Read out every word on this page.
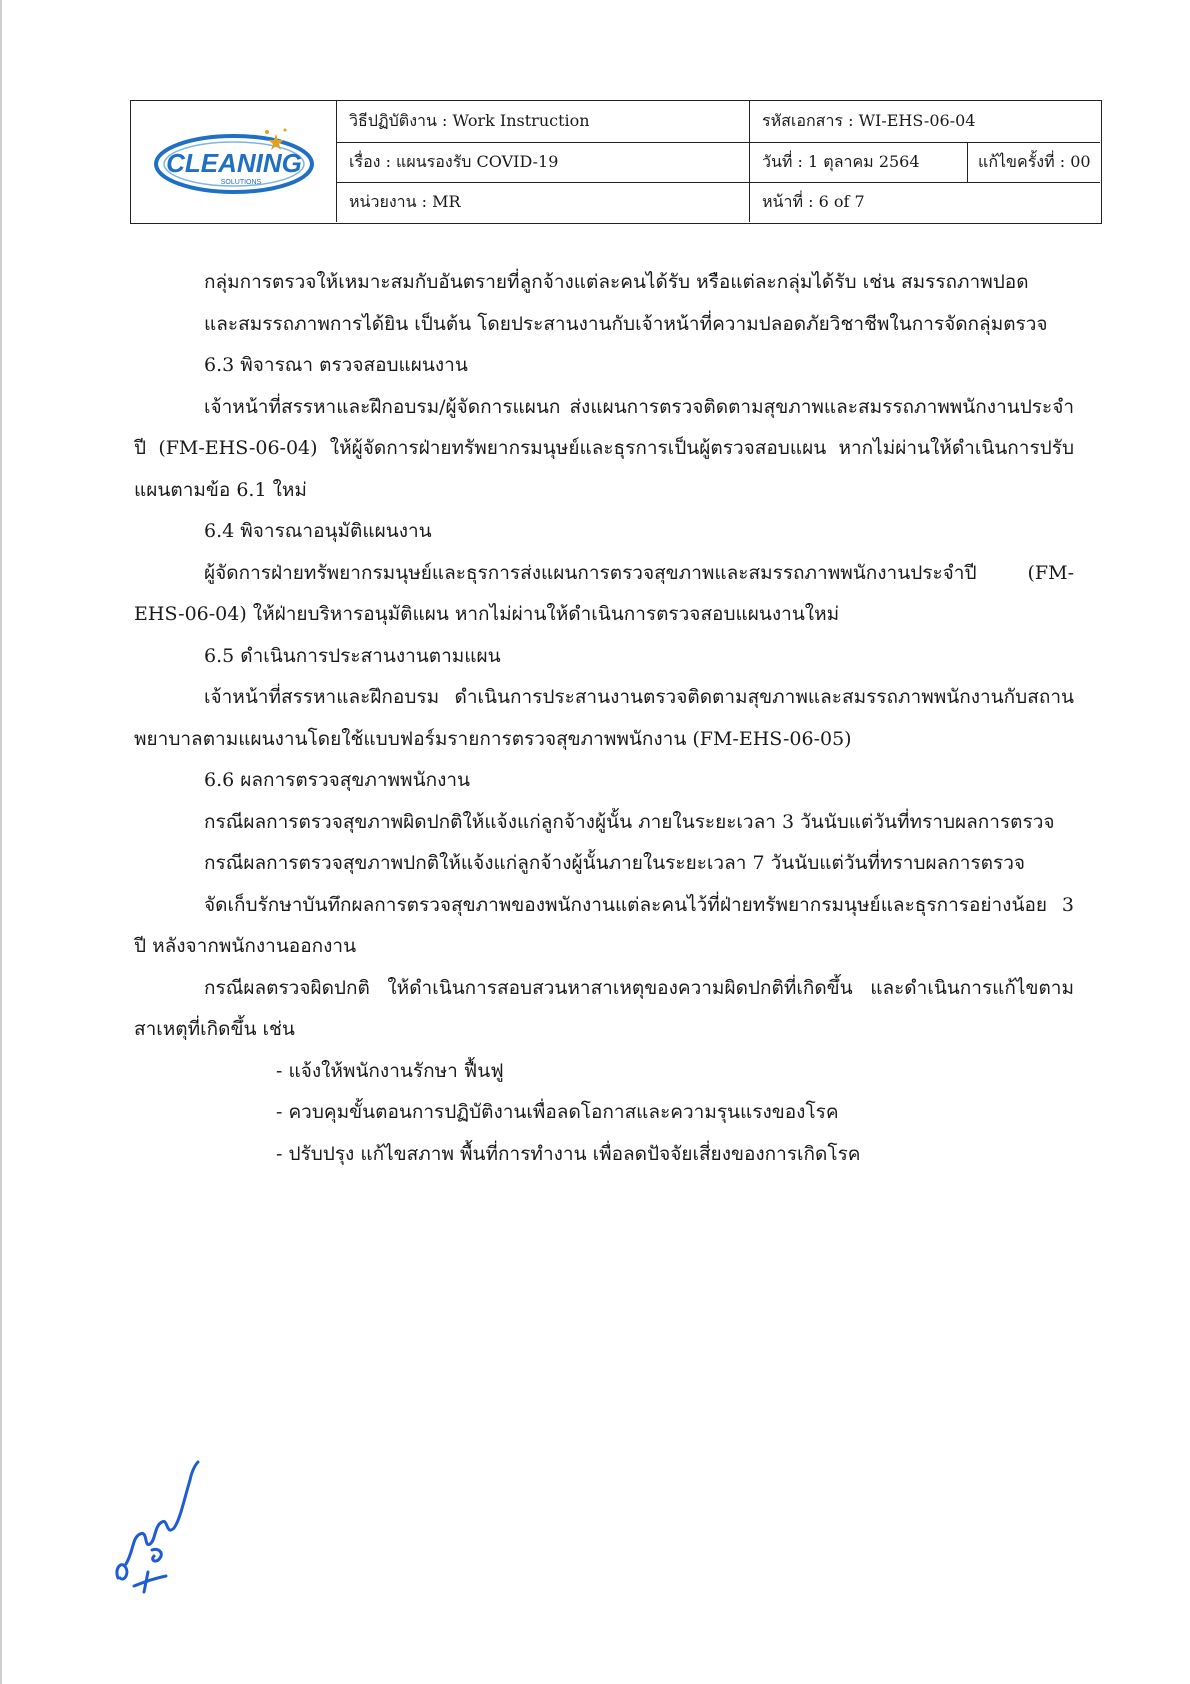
CLEANING
SOLUTIONS
วิธีปฏิบัติงาน : Work Instruction
เรื่อง : แผนรองรับ COVID-19
หน่วยงาน : MR
รหัสเอกสาร : WI-EHS-06-04
วันที่ : 1 ตุลาคม 2564	แก้ไขครั้งที่ : 00
หน้าที่ : 6 of 7

กลุ่มการตรวจให้เหมาะสมกับอันตรายที่ลูกจ้างแต่ละคนได้รับ หรือแต่ละกลุ่มได้รับ เช่น สมรรถภาพปอด

และสมรรถภาพการได้ยิน เป็นต้น โดยประสานงานกับเจ้าหน้าที่ความปลอดภัยวิชาชีพในการจัดกลุ่มตรวจ

6.3 พิจารณา ตรวจสอบแผนงาน

เจ้าหน้าที่สรรหาและฝึกอบรม/ผู้จัดการแผนก ส่งแผนการตรวจติดตามสุขภาพและสมรรถภาพพนักงานประจำปี (FM-EHS-06-04) ให้ผู้จัดการฝ่ายทรัพยากรมนุษย์และธุรการเป็นผู้ตรวจสอบแผน หากไม่ผ่านให้ดำเนินการปรับแผนตามข้อ 6.1 ใหม่

6.4 พิจารณาอนุมัติแผนงาน

ผู้จัดการฝ่ายทรัพยากรมนุษย์และธุรการส่งแผนการตรวจสุขภาพและสมรรถภาพพนักงานประจำปี (FM-EHS-06-04) ให้ฝ่ายบริหารอนุมัติแผน หากไม่ผ่านให้ดำเนินการตรวจสอบแผนงานใหม่

6.5 ดำเนินการประสานงานตามแผน

เจ้าหน้าที่สรรหาและฝึกอบรม ดำเนินการประสานงานตรวจติดตามสุขภาพและสมรรถภาพพนักงานกับสถานพยาบาลตามแผนงานโดยใช้แบบฟอร์มรายการตรวจสุขภาพพนักงาน (FM-EHS-06-05)

6.6 ผลการตรวจสุขภาพพนักงาน

กรณีผลการตรวจสุขภาพผิดปกติให้แจ้งแก่ลูกจ้างผู้นั้น ภายในระยะเวลา 3 วันนับแต่วันที่ทราบผลการตรวจ

กรณีผลการตรวจสุขภาพปกติให้แจ้งแก่ลูกจ้างผู้นั้นภายในระยะเวลา 7 วันนับแต่วันที่ทราบผลการตรวจ

จัดเก็บรักษาบันทึกผลการตรวจสุขภาพของพนักงานแต่ละคนไว้ที่ฝ่ายทรัพยากรมนุษย์และธุรการอย่างน้อย 3 ปี หลังจากพนักงานออกงาน

กรณีผลตรวจผิดปกติ ให้ดำเนินการสอบสวนหาสาเหตุของความผิดปกติที่เกิดขึ้น และดำเนินการแก้ไขตามสาเหตุที่เกิดขึ้น เช่น

- แจ้งให้พนักงานรักษา ฟื้นฟู

- ควบคุมขั้นตอนการปฏิบัติงานเพื่อลดโอกาสและความรุนแรงของโรค

- ปรับปรุง แก้ไขสภาพ พื้นที่การทำงาน เพื่อลดปัจจัยเสี่ยงของการเกิดโรค
